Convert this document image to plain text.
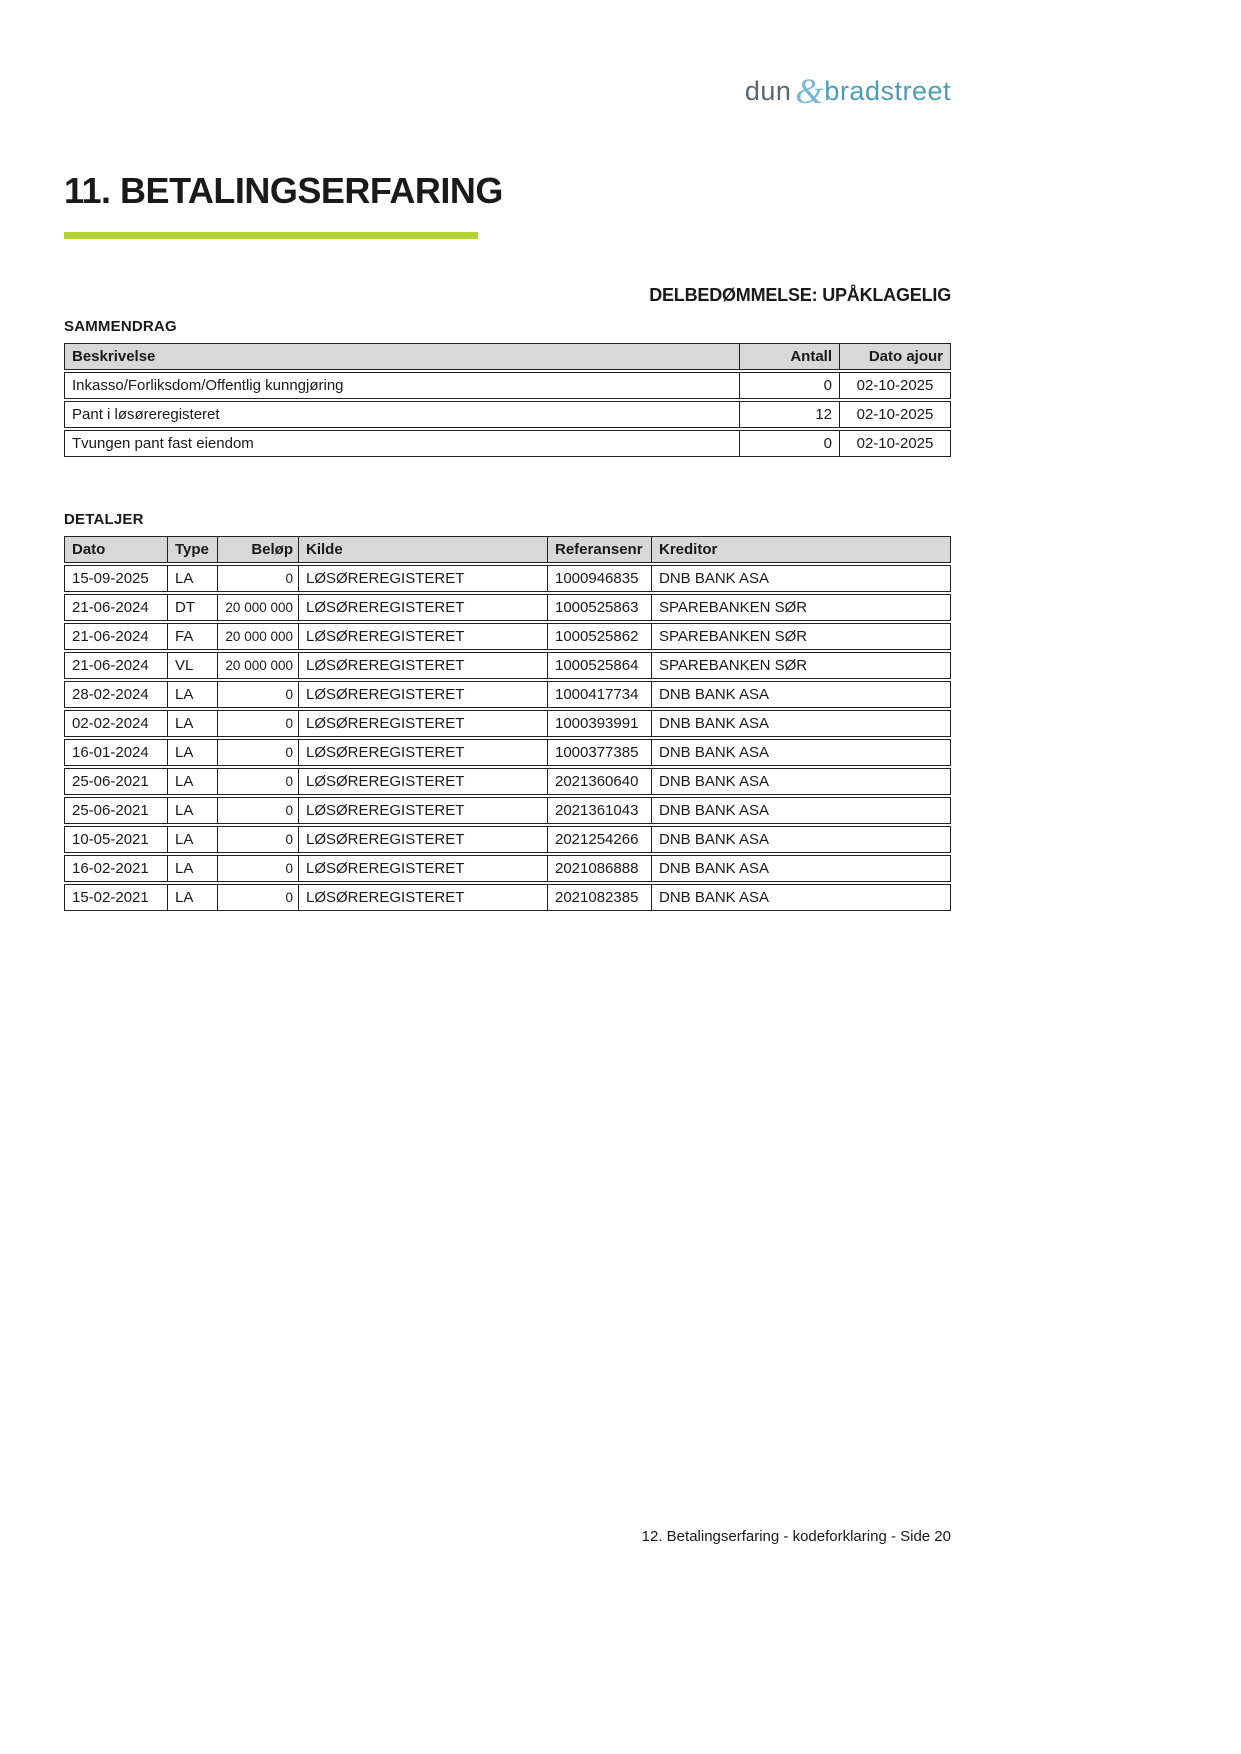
dun &bradstreet
11. BETALINGSERFARING
DELBEDØMMELSE: UPÅKLAGELIG
SAMMENDRAG
Beskrivelse	Antall	Dato ajour
Inkasso/Forliksdom/Offentlig kunngjøring	0	02-10-2025
Pant i løsøreregisteret	12	02-10-2025
Tvungen pant fast eiendom	0	02-10-2025
DETALJER
Dato	Type	Beløp	Kilde	Referansenr	Kreditor
15-09-2025	LA	0	LØSØREREGISTERET	1000946835	DNB BANK ASA
21-06-2024	DT	20 000 000	LØSØREREGISTERET	1000525863	SPAREBANKEN SØR
21-06-2024	FA	20 000 000	LØSØREREGISTERET	1000525862	SPAREBANKEN SØR
21-06-2024	VL	20 000 000	LØSØREREGISTERET	1000525864	SPAREBANKEN SØR
28-02-2024	LA	0	LØSØREREGISTERET	1000417734	DNB BANK ASA
02-02-2024	LA	0	LØSØREREGISTERET	1000393991	DNB BANK ASA
16-01-2024	LA	0	LØSØREREGISTERET	1000377385	DNB BANK ASA
25-06-2021	LA	0	LØSØREREGISTERET	2021360640	DNB BANK ASA
25-06-2021	LA	0	LØSØREREGISTERET	2021361043	DNB BANK ASA
10-05-2021	LA	0	LØSØREREGISTERET	2021254266	DNB BANK ASA
16-02-2021	LA	0	LØSØREREGISTERET	2021086888	DNB BANK ASA
15-02-2021	LA	0	LØSØREREGISTERET	2021082385	DNB BANK ASA
12. Betalingserfaring - kodeforklaring - Side 20
